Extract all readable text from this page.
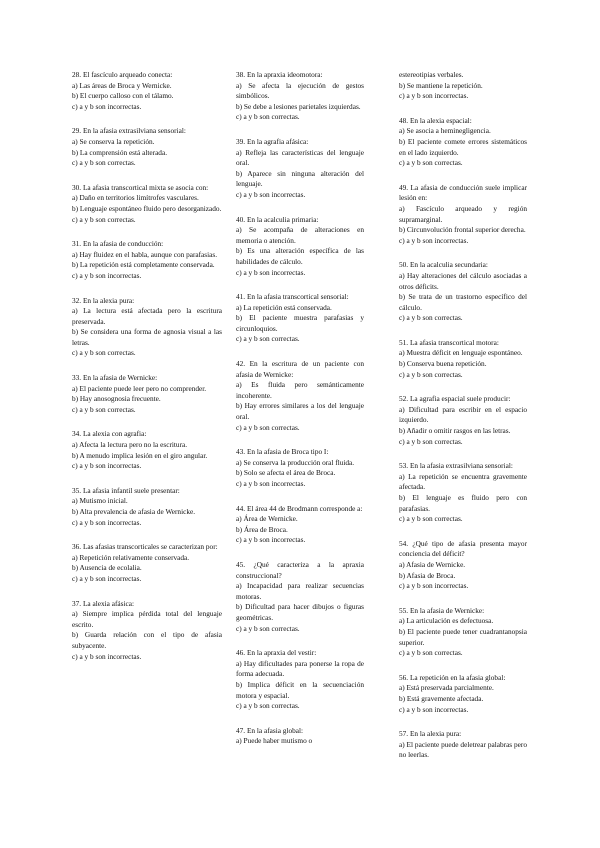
28. El fascículo arqueado conecta:
a) Las áreas de Broca y Wernicke.
b) El cuerpo calloso con el tálamo.
c) a y b son incorrectas.
29. En la afasia extrasilviana sensorial:
a) Se conserva la repetición.
b) La comprensión está alterada.
c) a y b son correctas.
30. La afasia transcortical mixta se asocia con:
a) Daño en territorios limítrofes vasculares.
b) Lenguaje espontáneo fluido pero desorganizado.
c) a y b son correctas.
31. En la afasia de conducción:
a) Hay fluidez en el habla, aunque con parafasias.
b) La repetición está completamente conservada.
c) a y b son incorrectas.
32. En la alexia pura:
a) La lectura está afectada pero la escritura preservada.
b) Se considera una forma de agnosia visual a las letras.
c) a y b son correctas.
33. En la afasia de Wernicke:
a) El paciente puede leer pero no comprender.
b) Hay anosognosia frecuente.
c) a y b son correctas.
34. La alexia con agrafia:
a) Afecta la lectura pero no la escritura.
b) A menudo implica lesión en el giro angular.
c) a y b son incorrectas.
35. La afasia infantil suele presentar:
a) Mutismo inicial.
b) Alta prevalencia de afasia de Wernicke.
c) a y b son incorrectas.
36. Las afasias transcorticales se caracterizan por:
a) Repetición relativamente conservada.
b) Ausencia de ecolalia.
c) a y b son incorrectas.
37. La alexia afásica:
a) Siempre implica pérdida total del lenguaje escrito.
b) Guarda relación con el tipo de afasia subyacente.
c) a y b son incorrectas.
38. En la apraxia ideomotora:
a) Se afecta la ejecución de gestos simbólicos.
b) Se debe a lesiones parietales izquierdas.
c) a y b son correctas.
39. En la agrafia afásica:
a) Refleja las características del lenguaje oral.
b) Aparece sin ninguna alteración del lenguaje.
c) a y b son incorrectas.
40. En la acalculia primaria:
a) Se acompaña de alteraciones en memoria o atención.
b) Es una alteración específica de las habilidades de cálculo.
c) a y b son incorrectas.
41. En la afasia transcortical sensorial:
a) La repetición está conservada.
b) El paciente muestra parafasias y circunloquios.
c) a y b son correctas.
42. En la escritura de un paciente con afasia de Wernicke:
a) Es fluida pero semánticamente incoherente.
b) Hay errores similares a los del lenguaje oral.
c) a y b son correctas.
43. En la afasia de Broca tipo I:
a) Se conserva la producción oral fluida.
b) Solo se afecta el área de Broca.
c) a y b son incorrectas.
44. El área 44 de Brodmann corresponde a:
a) Área de Wernicke.
b) Área de Broca.
c) a y b son incorrectas.
45. ¿Qué caracteriza a la apraxia construccional?
a) Incapacidad para realizar secuencias motoras.
b) Dificultad para hacer dibujos o figuras geométricas.
c) a y b son correctas.
46. En la apraxia del vestir:
a) Hay dificultades para ponerse la ropa de forma adecuada.
b) Implica déficit en la secuenciación motora y espacial.
c) a y b son correctas.
47. En la afasia global:
a) Puede haber mutismo o
estereotipias verbales.
b) Se mantiene la repetición.
c) a y b son incorrectas.
48. En la alexia espacial:
a) Se asocia a heminegligencia.
b) El paciente comete errores sistemáticos en el lado izquierdo.
c) a y b son correctas.
49. La afasia de conducción suele implicar lesión en:
a) Fascículo arqueado y región supramarginal.
b) Circunvolución frontal superior derecha.
c) a y b son incorrectas.
50. En la acalculia secundaria:
a) Hay alteraciones del cálculo asociadas a otros déficits.
b) Se trata de un trastorno específico del cálculo.
c) a y b son correctas.
51. La afasia transcortical motora:
a) Muestra déficit en lenguaje espontáneo.
b) Conserva buena repetición.
c) a y b son correctas.
52. La agrafia espacial suele producir:
a) Dificultad para escribir en el espacio izquierdo.
b) Añadir o omitir rasgos en las letras.
c) a y b son correctas.
53. En la afasia extrasilviana sensorial:
a) La repetición se encuentra gravemente afectada.
b) El lenguaje es fluido pero con parafasias.
c) a y b son correctas.
54. ¿Qué tipo de afasia presenta mayor conciencia del déficit?
a) Afasia de Wernicke.
b) Afasia de Broca.
c) a y b son incorrectas.
55. En la afasia de Wernicke:
a) La articulación es defectuosa.
b) El paciente puede tener cuadrantanopsia superior.
c) a y b son correctas.
56. La repetición en la afasia global:
a) Está preservada parcialmente.
b) Está gravemente afectada.
c) a y b son incorrectas.
57. En la alexia pura:
a) El paciente puede deletrear palabras pero no leerlas.
